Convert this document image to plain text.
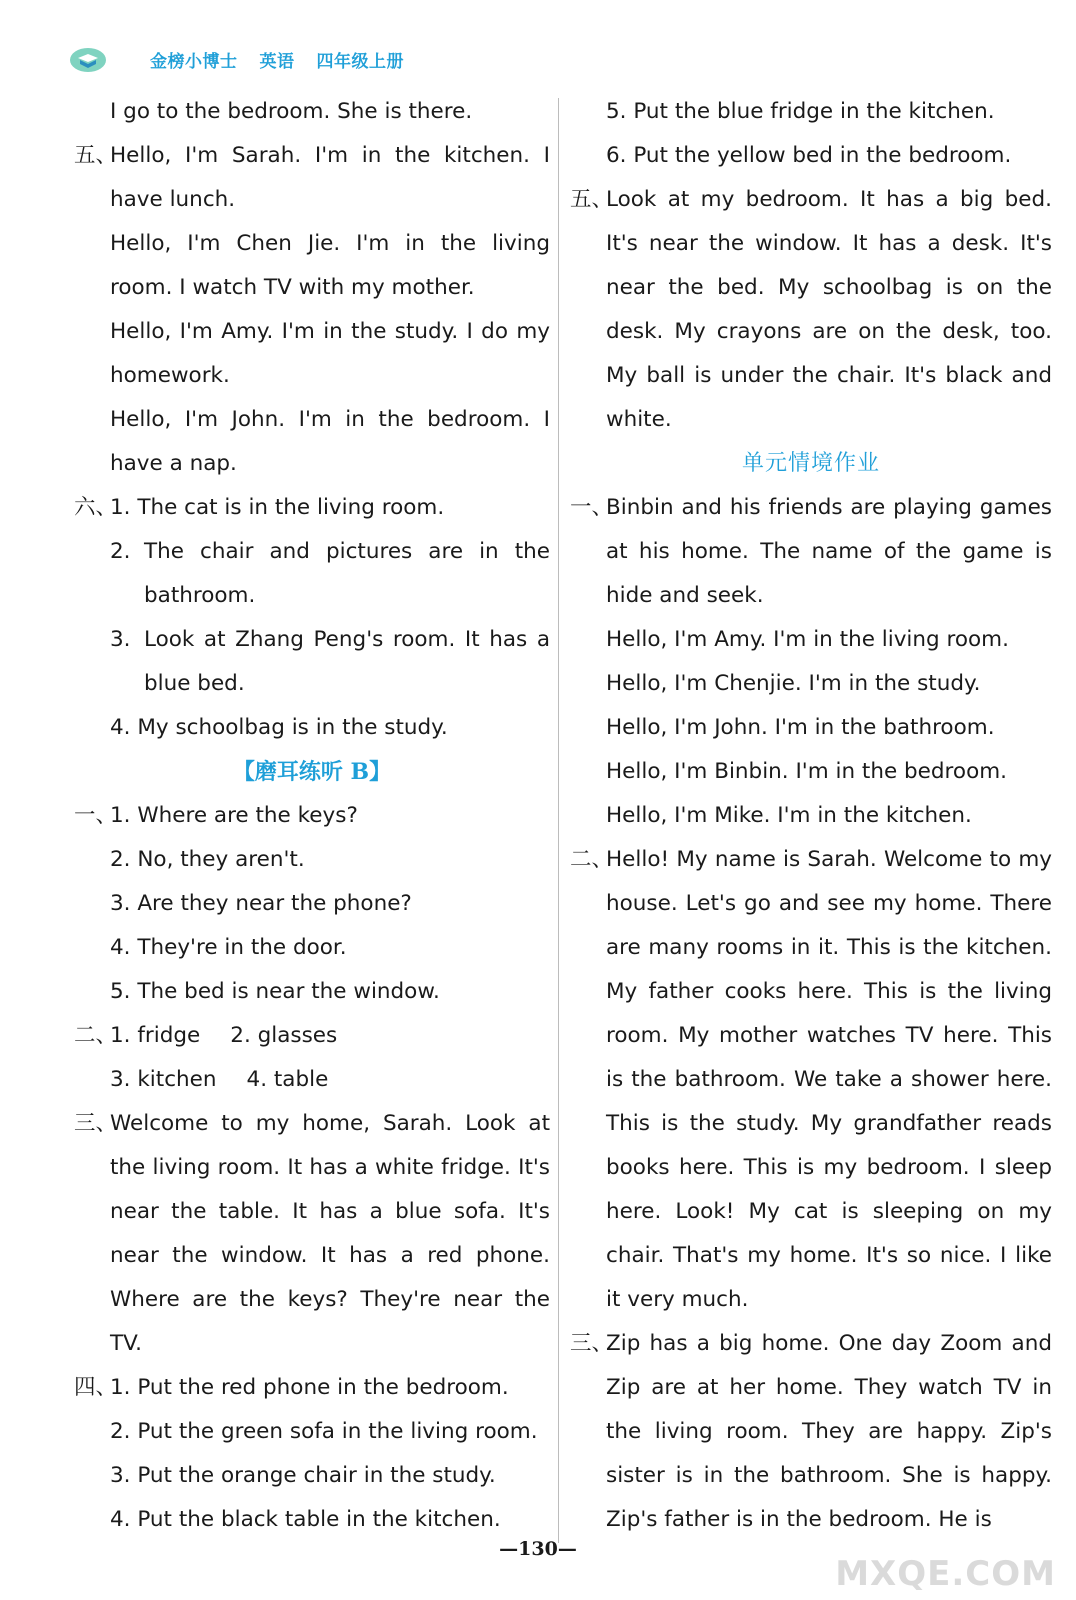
金榜小博士 英语 四年级上册

I go to the bedroom. She is there.

五、

Hello, I'm Sarah. I'm in the kitchen. I have lunch.

Hello, I'm Chen Jie. I'm in the living room. I watch TV with my mother.

Hello, I'm Amy. I'm in the study. I do my homework.

Hello, I'm John. I'm in the bedroom. I have a nap.

六、

1. The cat is in the living room.

2. The chair and pictures are in the bathroom.
3. Look at Zhang Peng's room. It has a blue bed.

4. My schoolbag is in the study.

【磨耳练听 B】

一、

1. Where are the keys?

2. No, they aren't.

3. Are they near the phone?

4. They're in the door.

5. The bed is near the window.

二、

1. fridge 2. glasses

3. kitchen 4. table

三、

Welcome to my home, Sarah. Look at the living room. It has a white fridge. It's near the table. It has a blue sofa. It's near the window. It has a red phone. Where are the keys? They're near the TV.

四、

1. Put the red phone in the bedroom.

2. Put the green sofa in the living room.

3. Put the orange chair in the study.

4. Put the black table in the kitchen.

5. Put the blue fridge in the kitchen.

6. Put the yellow bed in the bedroom.

五、

Look at my bedroom. It has a big bed. It's near the window. It has a desk. It's near the bed. My schoolbag is on the desk. My crayons are on the desk, too. My ball is under the chair. It's black and white.

单元情境作业

一、

Binbin and his friends are playing games at his home. The name of the game is hide and seek.

Hello, I'm Amy. I'm in the living room.

Hello, I'm Chenjie. I'm in the study.

Hello, I'm John. I'm in the bathroom.

Hello, I'm Binbin. I'm in the bedroom.

Hello, I'm Mike. I'm in the kitchen.

二、

Hello! My name is Sarah. Welcome to my house. Let's go and see my home. There are many rooms in it. This is the kitchen. My father cooks here. This is the living room. My mother watches TV here. This is the bathroom. We take a shower here. This is the study. My grandfather reads books here. This is my bedroom. I sleep here. Look! My cat is sleeping on my chair. That's my home. It's so nice. I like it very much.

三、

Zip has a big home. One day Zoom and Zip are at her home. They watch TV in the living room. They are happy. Zip's sister is in the bathroom. She is happy. Zip's father is in the bedroom. He is

—130—
MXQE.COM
